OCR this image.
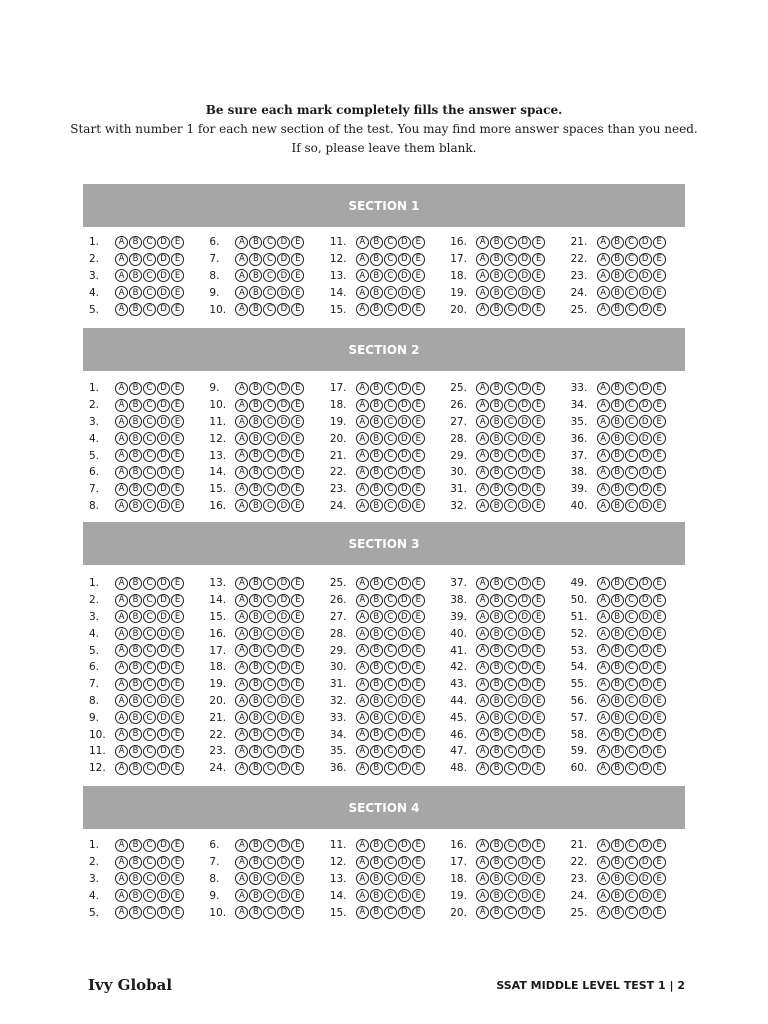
Be sure each mark completely fills the answer space.
Start with number 1 for each new section of the test. You may find more answer spaces than you need.
If so, please leave them blank.
SECTION 1
1.	A B C D E	6.	A B C D E	11.	A B C D E	16.	A B C D E	21.	A B C D E
2.	A B C D E	7.	A B C D E	12.	A B C D E	17.	A B C D E	22.	A B C D E
3.	A B C D E	8.	A B C D E	13.	A B C D E	18.	A B C D E	23.	A B C D E
4.	A B C D E	9.	A B C D E	14.	A B C D E	19.	A B C D E	24.	A B C D E
5.	A B C D E	10.	A B C D E	15.	A B C D E	20.	A B C D E	25.	A B C D E
SECTION 2
1.	A B C D E	9.	A B C D E	17.	A B C D E	25.	A B C D E	33.	A B C D E
2.	A B C D E	10.	A B C D E	18.	A B C D E	26.	A B C D E	34.	A B C D E
3.	A B C D E	11.	A B C D E	19.	A B C D E	27.	A B C D E	35.	A B C D E
4.	A B C D E	12.	A B C D E	20.	A B C D E	28.	A B C D E	36.	A B C D E
5.	A B C D E	13.	A B C D E	21.	A B C D E	29.	A B C D E	37.	A B C D E
6.	A B C D E	14.	A B C D E	22.	A B C D E	30.	A B C D E	38.	A B C D E
7.	A B C D E	15.	A B C D E	23.	A B C D E	31.	A B C D E	39.	A B C D E
8.	A B C D E	16.	A B C D E	24.	A B C D E	32.	A B C D E	40.	A B C D E
SECTION 3
1.	A B C D E	13.	A B C D E	25.	A B C D E	37.	A B C D E	49.	A B C D E
2.	A B C D E	14.	A B C D E	26.	A B C D E	38.	A B C D E	50.	A B C D E
3.	A B C D E	15.	A B C D E	27.	A B C D E	39.	A B C D E	51.	A B C D E
4.	A B C D E	16.	A B C D E	28.	A B C D E	40.	A B C D E	52.	A B C D E
5.	A B C D E	17.	A B C D E	29.	A B C D E	41.	A B C D E	53.	A B C D E
6.	A B C D E	18.	A B C D E	30.	A B C D E	42.	A B C D E	54.	A B C D E
7.	A B C D E	19.	A B C D E	31.	A B C D E	43.	A B C D E	55.	A B C D E
8.	A B C D E	20.	A B C D E	32.	A B C D E	44.	A B C D E	56.	A B C D E
9.	A B C D E	21.	A B C D E	33.	A B C D E	45.	A B C D E	57.	A B C D E
10.	A B C D E	22.	A B C D E	34.	A B C D E	46.	A B C D E	58.	A B C D E
11.	A B C D E	23.	A B C D E	35.	A B C D E	47.	A B C D E	59.	A B C D E
12.	A B C D E	24.	A B C D E	36.	A B C D E	48.	A B C D E	60.	A B C D E
SECTION 4
1.	A B C D E	6.	A B C D E	11.	A B C D E	16.	A B C D E	21.	A B C D E
2.	A B C D E	7.	A B C D E	12.	A B C D E	17.	A B C D E	22.	A B C D E
3.	A B C D E	8.	A B C D E	13.	A B C D E	18.	A B C D E	23.	A B C D E
4.	A B C D E	9.	A B C D E	14.	A B C D E	19.	A B C D E	24.	A B C D E
5.	A B C D E	10.	A B C D E	15.	A B C D E	20.	A B C D E	25.	A B C D E
Ivy Global	SSAT MIDDLE LEVEL TEST 1 | 2
